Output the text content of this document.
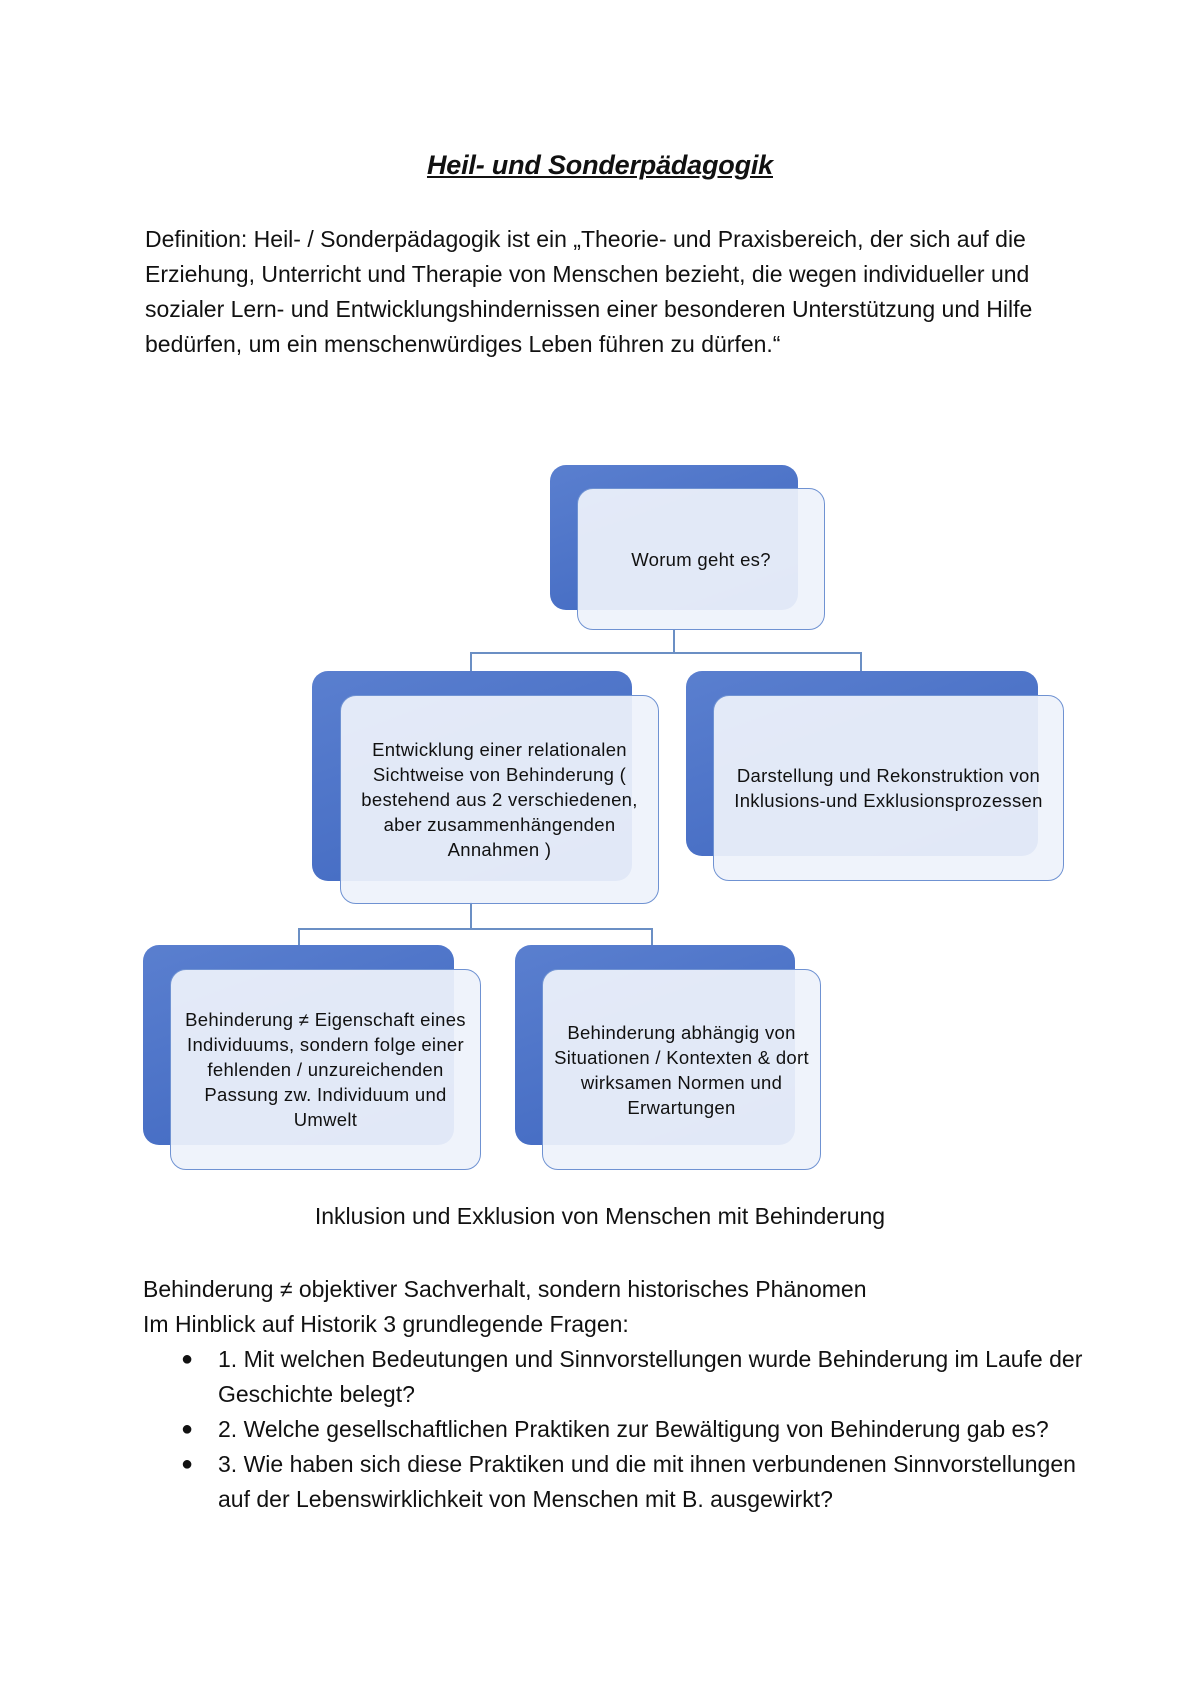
Heil- und Sonderpädagogik

Definition: Heil- / Sonderpädagogik ist ein „Theorie- und Praxisbereich, der sich auf die Erziehung, Unterricht und Therapie von Menschen bezieht, die wegen individueller und sozialer Lern- und Entwicklungshindernissen einer besonderen Unterstützung und Hilfe bedürfen, um ein menschenwürdiges Leben führen zu dürfen.“

Worum geht es?
Entwicklung einer relationalen Sichtweise von Behinderung ( bestehend aus 2 verschiedenen, aber zusammenhängenden Annahmen )
Darstellung und Rekonstruktion von Inklusions-und Exklusionsprozessen
Behinderung ≠ Eigenschaft eines Individuums, sondern folge einer fehlenden / unzureichenden Passung zw. Individuum und Umwelt
Behinderung abhängig von Situationen / Kontexten & dort wirksamen Normen und Erwartungen
Inklusion und Exklusion von Menschen mit Behinderung

Behinderung ≠ objektiver Sachverhalt, sondern historisches Phänomen

Im Hinblick auf Historik 3 grundlegende Fragen:

● 1. Mit welchen Bedeutungen und Sinnvorstellungen wurde Behinderung im Laufe der Geschichte belegt?
● 2. Welche gesellschaftlichen Praktiken zur Bewältigung von Behinderung gab es?
● 3. Wie haben sich diese Praktiken und die mit ihnen verbundenen Sinnvorstellungen auf der Lebenswirklichkeit von Menschen mit B. ausgewirkt?
